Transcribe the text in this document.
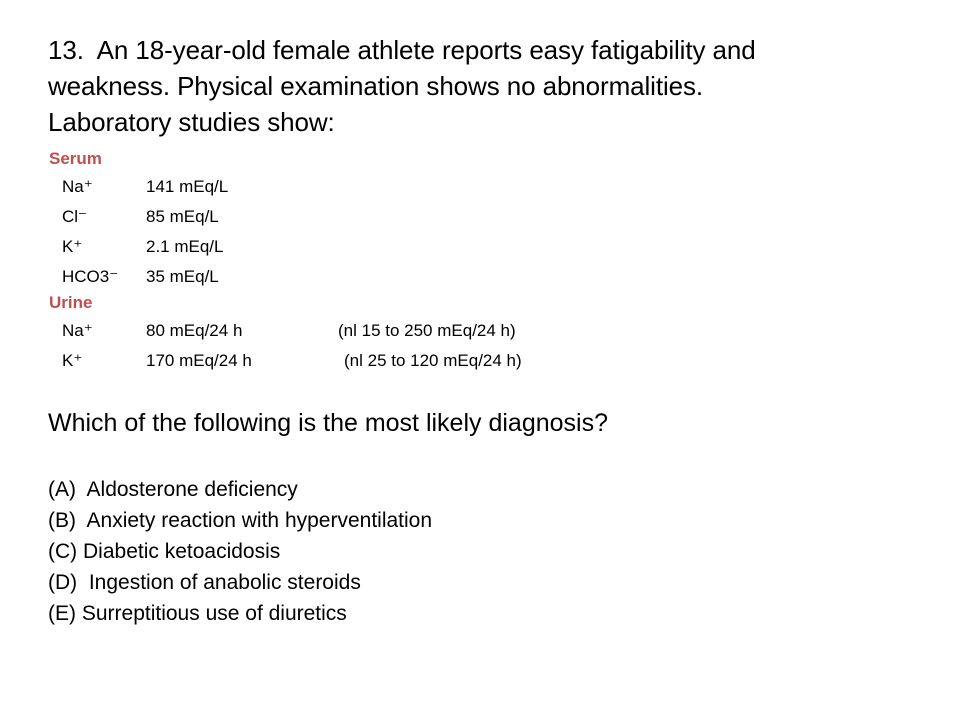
13. An 18-year-old female athlete reports easy fatigability and

weakness. Physical examination shows no abnormalities.

Laboratory studies show:

Serum
Na⁺	141 mEq/L
Cl⁻	85 mEq/L
K⁺	2.1 mEq/L
HCO3⁻ 35 mEq/L
Urine
Na⁺	80 mEq/24 h	(nl 15 to 250 mEq/24 h)
K⁺	170 mEq/24 h	(nl 25 to 120 mEq/24 h)
Which of the following is the most likely diagnosis?
(A) Aldosterone deficiency
(B) Anxiety reaction with hyperventilation
(C) Diabetic ketoacidosis
(D) Ingestion of anabolic steroids
(E) Surreptitious use of diuretics
